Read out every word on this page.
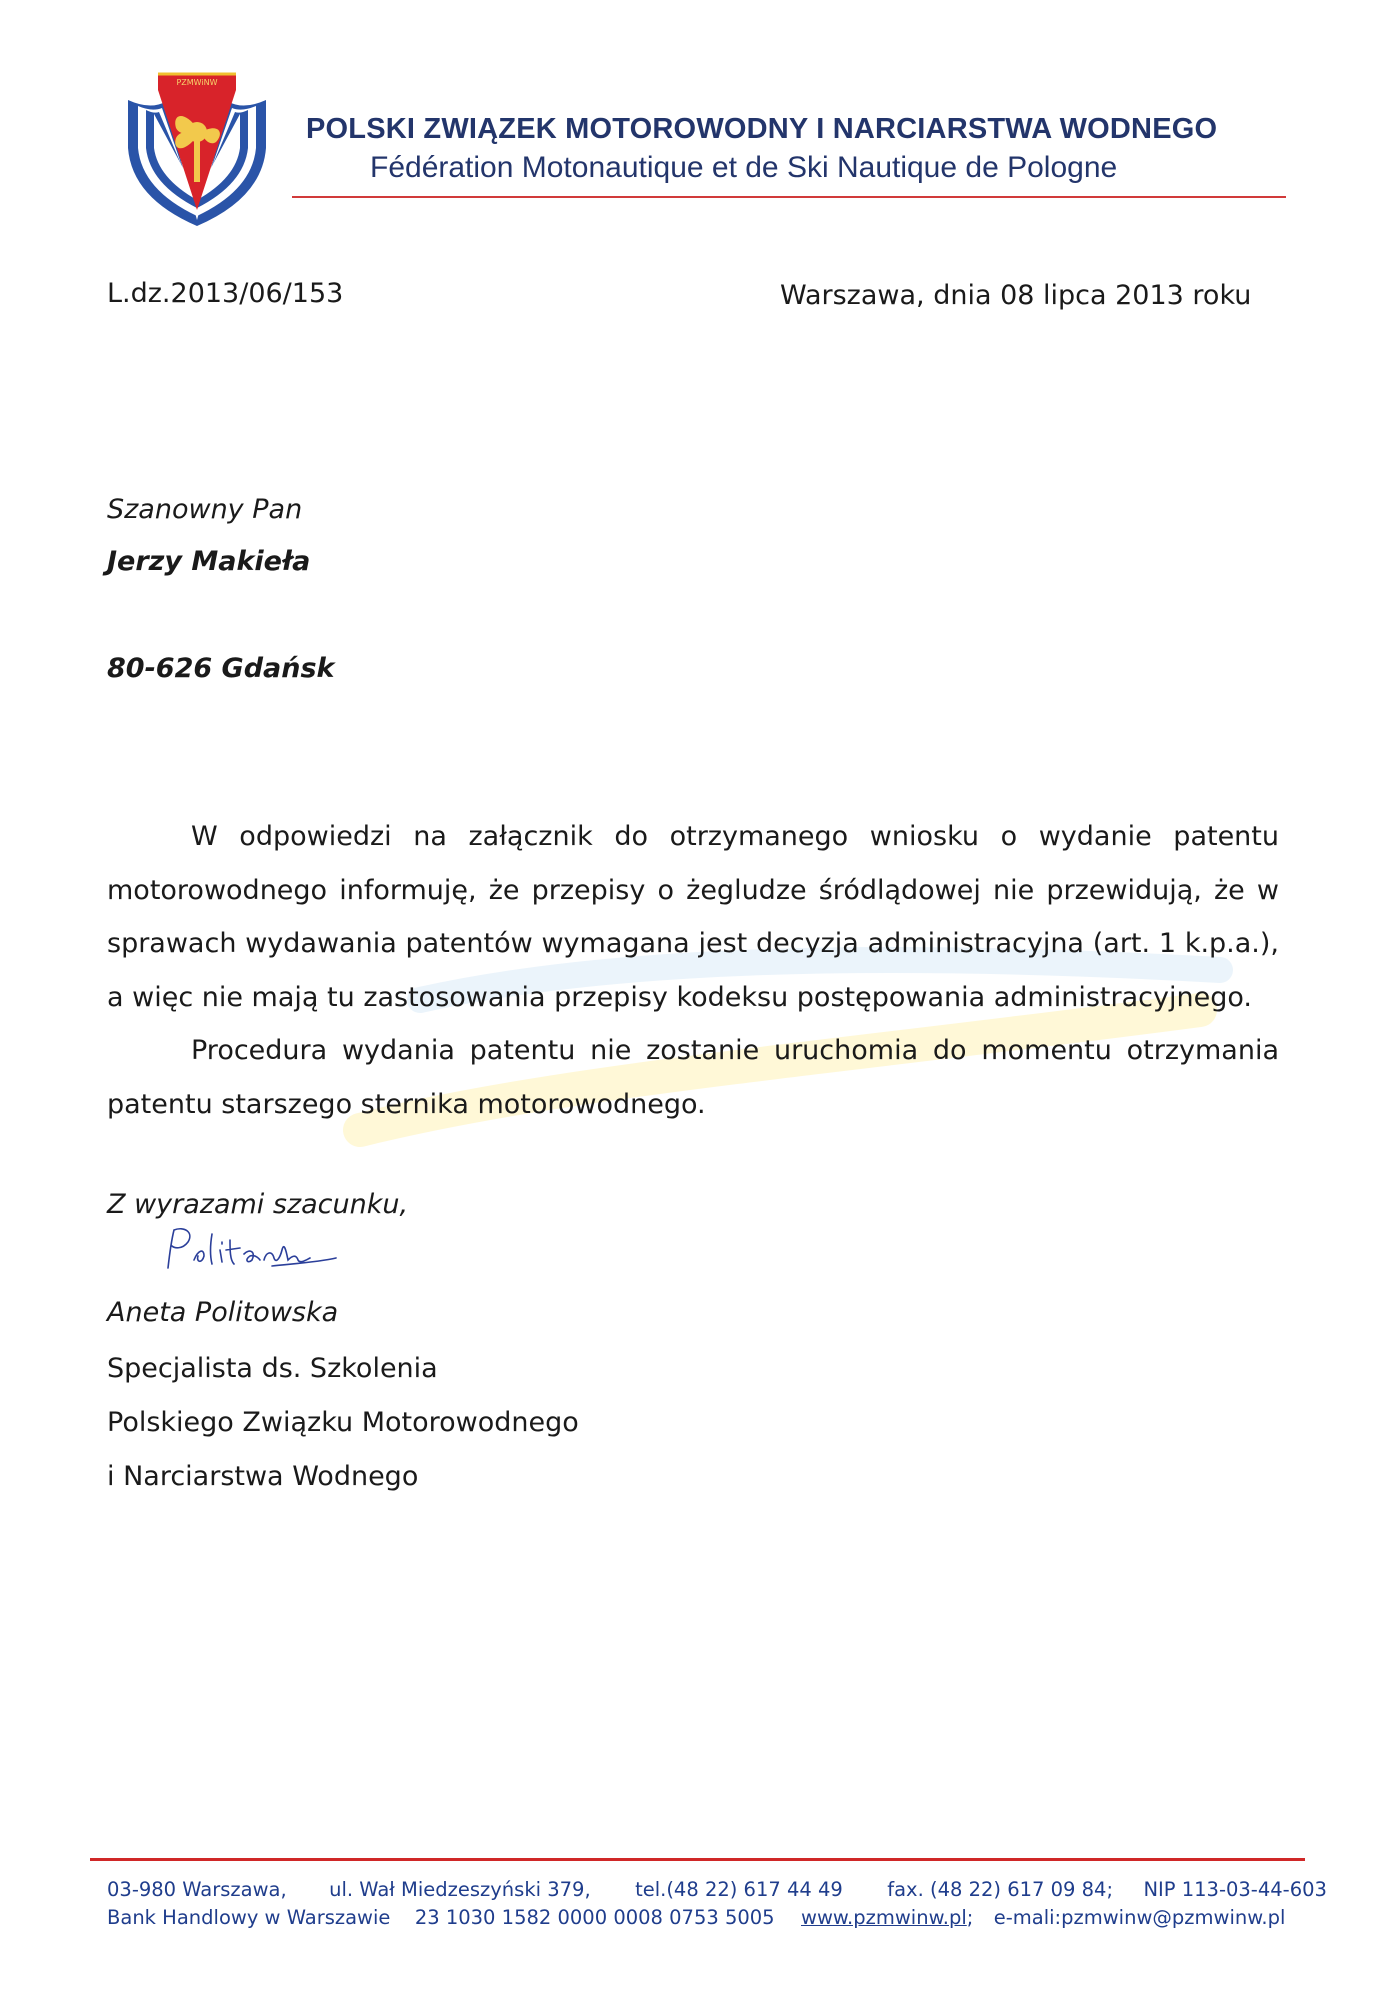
PZMWiNW
POLSKI ZWIĄZEK MOTOROWODNY I NARCIARSTWA WODNEGO
Fédération Motonautique et de Ski Nautique de Pologne
L.dz.2013/06/153	Warszawa, dnia 08 lipca 2013 roku
Szanowny Pan
Jerzy Makieła
80-626 Gdańsk

W odpowiedzi na załącznik do otrzymanego wniosku o wydanie patentu

motorowodnego informuję, że przepisy o żegludze śródlądowej nie przewidują, że w

sprawach wydawania patentów wymagana jest decyzja administracyjna (art. 1 k.p.a.),

a więc nie mają tu zastosowania przepisy kodeksu postępowania administracyjnego.

Procedura wydania patentu nie zostanie uruchomia do momentu otrzymania

patentu starszego sternika motorowodnego.

Z wyrazami szacunku,
Aneta Politowska
Specjalista ds. Szkolenia
Polskiego Związku Motorowodnego
i Narciarstwa Wodnego
03-980 Warszawa, ul. Wał Miedzeszyński 379, tel.(48 22) 617 44 49 fax. (48 22) 617 09 84; NIP 113-03-44-603
Bank Handlowy w Warszawie 23 1030 1582 0000 0008 0753 5005 www.pzmwinw.pl; e-mali:pzmwinw@pzmwinw.pl
